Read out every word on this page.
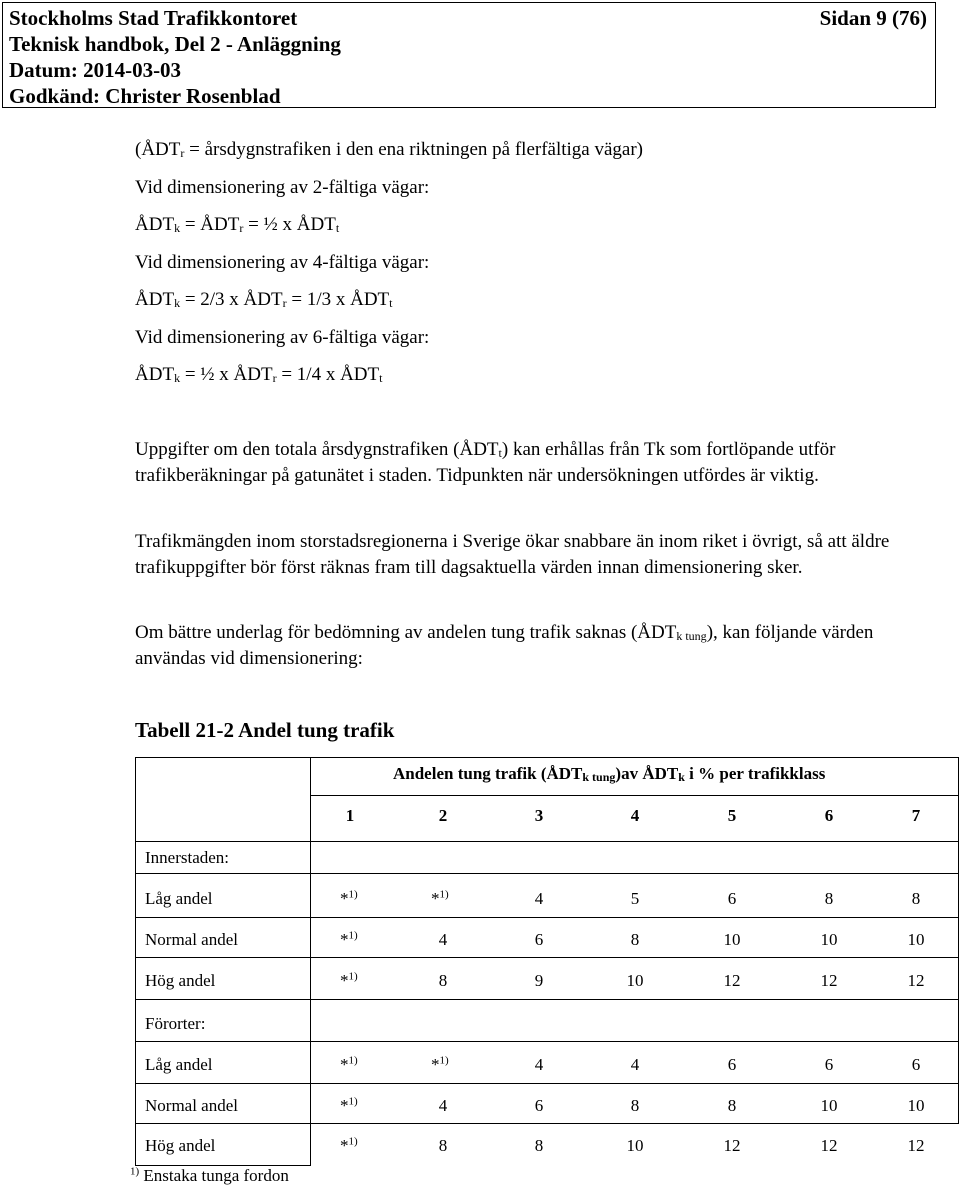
Stockholms Stad Trafikkontoret
Teknisk handbok, Del 2 - Anläggning
Datum: 2014-03-03
Godkänd: Christer Rosenblad
Sidan 9 (76)
($ÅDT_r$ = årsdygnstrafiken i den ena riktningen på flerfältiga vägar)
Vid dimensionering av 2-fältiga vägar:
$ÅDT_k$ = $ÅDT_r$ = ½ x $ÅDT_t$
Vid dimensionering av 4-fältiga vägar:
$ÅDT_k = 2/3$ x $ÅDT_r = 1/3$ x $ÅDT_t$
Vid dimensionering av 6-fältiga vägar:
$ÅDT_k$ = ½ x $ÅDT_r = 1/4$ x $ÅDT_t$
Uppgifter om den totala årsdygnstrafiken $(ÅDT_t)$ kan erhållas från Tk som fortlöpande utför trafikberäkningar på gatunätet i staden. Tidpunkten när undersökningen utfördes är viktig.
Trafikmängden inom storstadsregionerna i Sverige ökar snabbare än inom riket i övrigt, så att äldre trafikuppgifter bör först räknas fram till dagsaktuella värden innan dimensionering sker.
Om bättre underlag för bedömning av andelen tung trafik saknas $(ÅDT_{k tung})$, kan följande värden användas vid dimensionering:
Tabell 21-2 Andel tung trafik
Andelen tung trafik $(ÅDT_{k tung})av$ $ÅDT_k$ i % per trafikklass
1	2	3	4	5	6	7
Innerstaden:
Låg andel	*$^{1)}$	*$^{1)}$	4	5	6	8	8
Normal andel	*$^{1)}$	4	6	8	10	10	10
Hög andel	*$^{1)}$	8	9	10	12	12	12
Förorter:
Låg andel	*$^{1)}$	*$^{1)}$	4	4	6	6	6
Normal andel	*$^{1)}$	4	6	8	8	10	10
Hög andel	*$^{1)}$	8	8	10	12	12	12
$^{1)}$ Enstaka tunga fordon
